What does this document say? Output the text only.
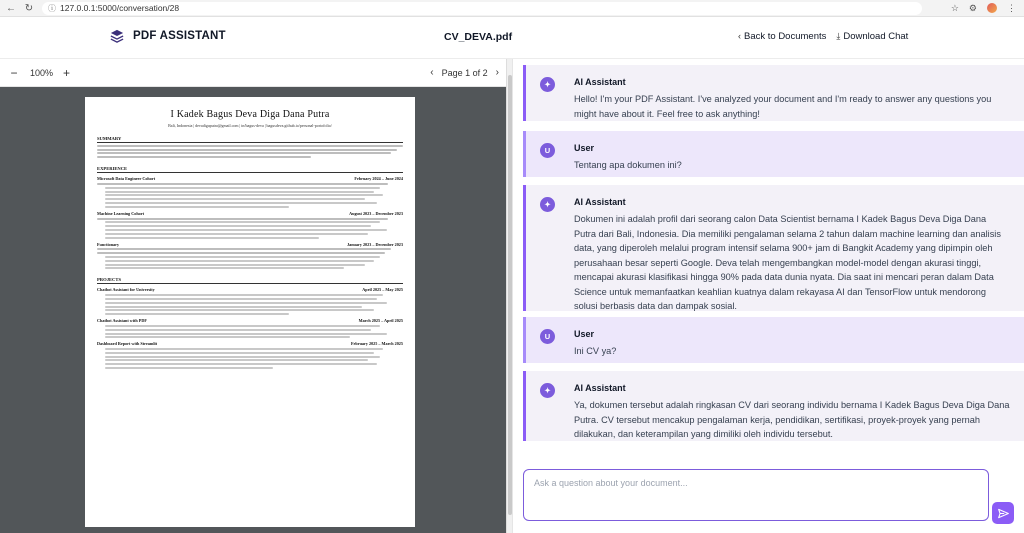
← ↻	ⓘ 127.0.0.1:5000/conversation/28	☆ ⚙	⋮
PDF ASSISTANT	CV_DEVA.pdf	‹ Back to Documents ⤓ Download Chat
− 100% +	‹ Page 1 of 2 ›
I Kadek Bagus Deva Diga Dana Putra
Bali, Indonesia | devadigaputra@gmail.com | in/bagus-deva | bagusdeva.github.io/personal-portofolio/
SUMMARY
EXPERIENCE
Microsoft Data Engineer Cohort	February 2024 – June 2024
Machine Learning Cohort	August 2023 – December 2023
Functionary	January 2023 – December 2023
PROJECTS
Chatbot Assistant for University	April 2025 – May 2025
Chatbot Assistant with PDF	March 2025 – April 2025
Dashboard Report with Streamlit	February 2025 – March 2025
✦	AI Assistant
Hello! I'm your PDF Assistant. I've analyzed your document and I'm ready to answer any questions you might have about it. Feel free to ask anything!
U	User
Tentang apa dokumen ini?
✦	AI Assistant
Dokumen ini adalah profil dari seorang calon Data Scientist bernama I Kadek Bagus Deva Diga Dana Putra dari Bali, Indonesia. Dia memiliki pengalaman selama 2 tahun dalam machine learning dan analisis data, yang diperoleh melalui program intensif selama 900+ jam di Bangkit Academy yang dipimpin oleh perusahaan besar seperti Google. Deva telah mengembangkan model-model dengan akurasi tinggi, mencapai akurasi klasifikasi hingga 90% pada data dunia nyata. Dia saat ini mencari peran dalam Data Science untuk memanfaatkan keahlian kuatnya dalam rekayasa AI dan TensorFlow untuk mendorong solusi berbasis data dan dampak sosial.
U	User
Ini CV ya?
✦	AI Assistant
Ya, dokumen tersebut adalah ringkasan CV dari seorang individu bernama I Kadek Bagus Deva Diga Dana Putra. CV tersebut mencakup pengalaman kerja, pendidikan, sertifikasi, proyek-proyek yang pernah dilakukan, dan keterampilan yang dimiliki oleh individu tersebut.
Ask a question about your document...
